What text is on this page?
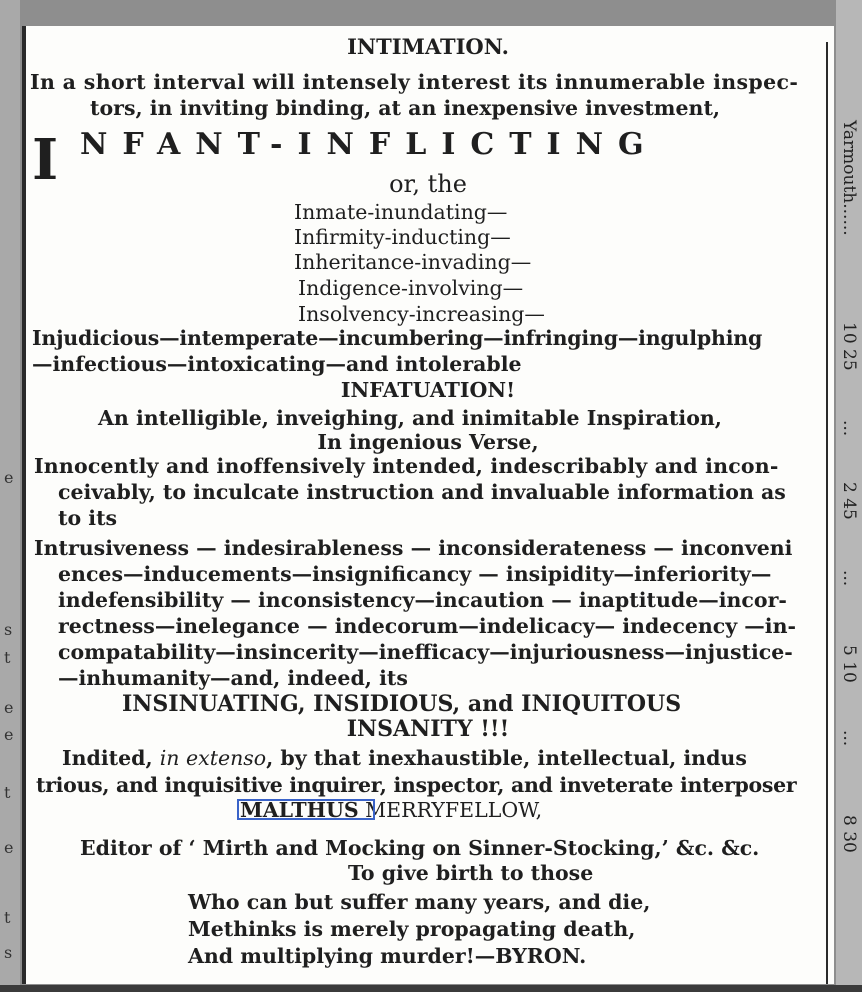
e
s
t
e
e
t
e
t
s
Yarmouth......
10 25
...
2 45
...
5 10
...
8 30
INTIMATION.
In a short interval will intensely interest its innumerable inspec-
tors, in inviting binding, at an inexpensive investment,
I NFANT-INFLICTING
or, the
Inmate-inundating—
Infirmity-inducting—
Inheritance-invading—
Indigence-involving—
Insolvency-increasing—
Injudicious—intemperate—incumbering—infringing—ingulphing
—infectious—intoxicating—and intolerable
INFATUATION!
An intelligible, inveighing, and inimitable Inspiration,
In ingenious Verse,
Innocently and inoffensively intended, indescribably and incon-
ceivably, to inculcate instruction and invaluable information as
to its
Intrusiveness — indesirableness — inconsiderateness — inconveni
ences—inducements—insignificancy — insipidity—inferiority—
indefensibility — inconsistency—incaution — inaptitude—incor-
rectness—inelegance — indecorum—indelicacy— indecency —in-
compatability—insincerity—inefficacy—injuriousness—injustice-
—inhumanity—and, indeed, its
INSINUATING, INSIDIOUS, and INIQUITOUS
INSANITY !!!
Indited, in extenso, by that inexhaustible, intellectual, indus
trious, and inquisitive inquirer, inspector, and inveterate interposer
MALTHUS MERRYFELLOW,
Editor of ‘ Mirth and Mocking on Sinner-Stocking,’ &c. &c.
To give birth to those
Who can but suffer many years, and die,
Methinks is merely propagating death,
And multiplying murder!—BYRON.
